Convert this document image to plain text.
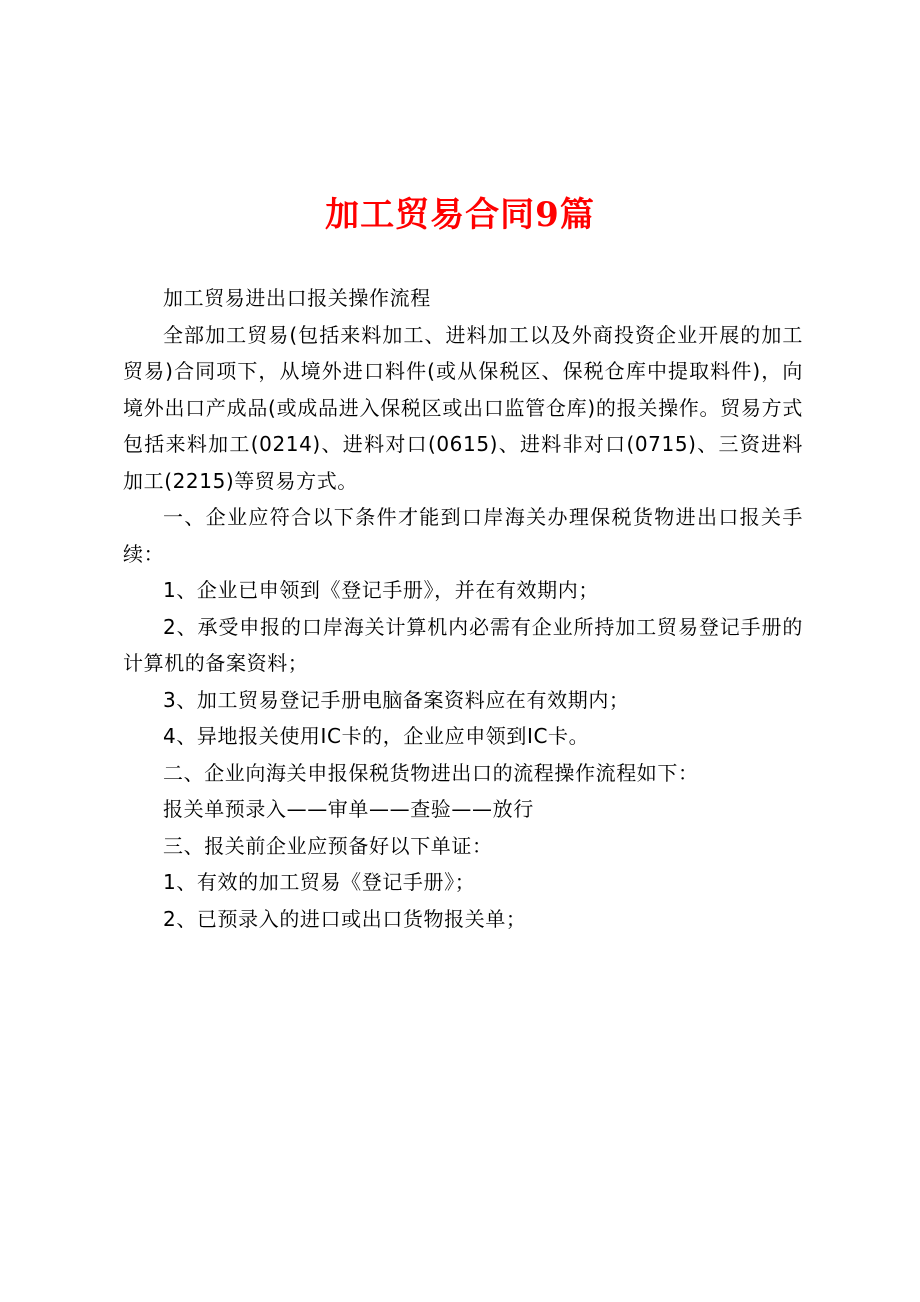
加工贸易合同9篇

加工贸易进出口报关操作流程

全部加工贸易(包括来料加工、进料加工以及外商投资企业开展的加工贸易)合同项下，从境外进口料件(或从保税区、保税仓库中提取料件)，向境外出口产成品(或成品进入保税区或出口监管仓库)的报关操作。贸易方式包括来料加工(0214)、进料对口(0615)、进料非对口(0715)、三资进料加工(2215)等贸易方式。

一、企业应符合以下条件才能到口岸海关办理保税货物进出口报关手续：

1、企业已申领到《登记手册》，并在有效期内；

2、承受申报的口岸海关计算机内必需有企业所持加工贸易登记手册的计算机的备案资料；

3、加工贸易登记手册电脑备案资料应在有效期内；

4、异地报关使用IC卡的，企业应申领到IC卡。

二、企业向海关申报保税货物进出口的流程操作流程如下：

报关单预录入——审单——查验——放行

三、报关前企业应预备好以下单证：

1、有效的加工贸易《登记手册》；

2、已预录入的进口或出口货物报关单；
